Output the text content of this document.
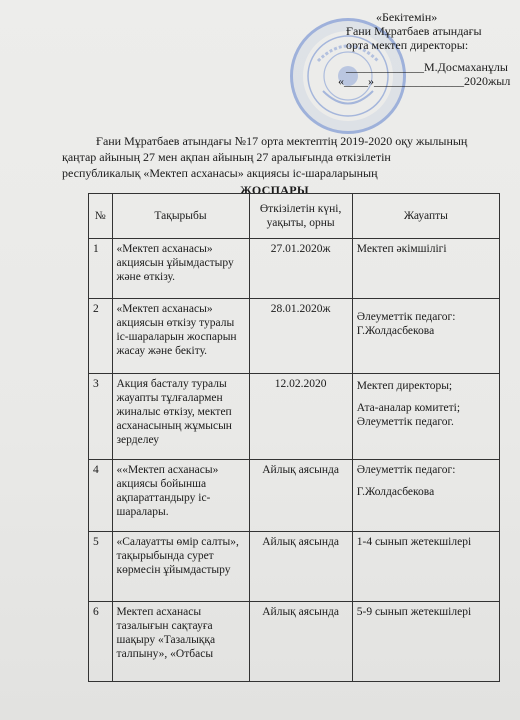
«Бекітемін»
Ғани Мұратбаев атындағы
орта мектеп директоры:
_____________М.Досмаханұлы
«____»_______________2020жыл
Ғани Мұратбаев атындағы №17 орта мектептің 2019-2020 оқу жылының
қаңтар айының 27 мен ақпан айының 27 аралығында өткізілетін
республикалық «Мектеп асханасы» акциясы іс-шараларының
ЖОСПАРЫ
№	Тақырыбы	Өткізілетін күні, уақыты, орны	Жауапты
1	«Мектеп асханасы» акциясын ұйымдастыру және өткізу.	27.01.2020ж	Мектеп әкімшілігі

2	«Мектеп асханасы» акциясын өткізу туралы іс-шараларын жоспарын жасау және бекіту.	28.01.2020ж	Әлеуметтік педагог: Г.Жолдасбекова

3	Акция басталу туралы жауапты тұлғалармен жиналыс өткізу, мектеп асханасының жұмысын зерделеу	12.02.2020	Мектеп директоры;

Ата-аналар комитеті; Әлеуметтік педагог.

4	««Мектеп асханасы» акциясы бойынша ақпараттандыру іс-шаралары.	Айлық аясында	Әлеуметтік педагог:

Г.Жолдасбекова

5	«Салауатты өмір салты», тақырыбында сурет көрмесін ұйымдастыру	Айлық аясында	1-4 сынып жетекшілері

6	Мектеп асханасы тазалығын сақтауға шақыру «Тазалыққа талпыну», «Отбасы	Айлық аясында	5-9 сынып жетекшілері
